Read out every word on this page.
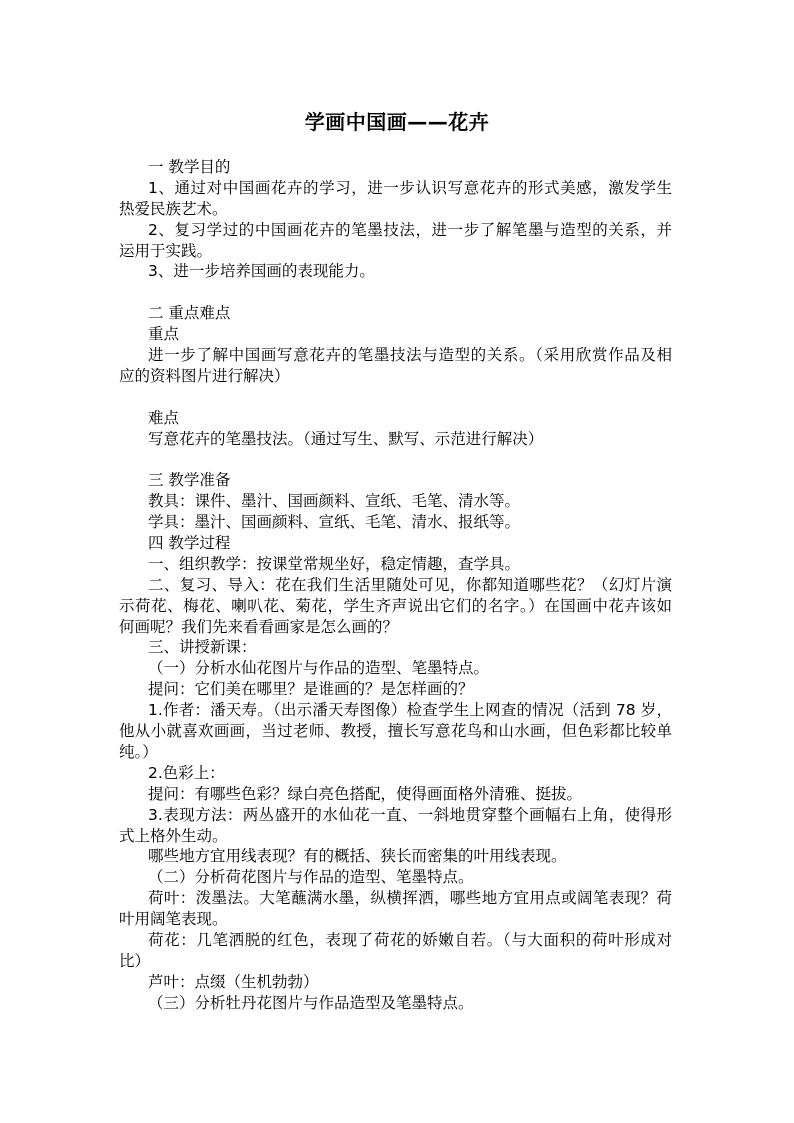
学画中国画——花卉
一 教学目的
1、通过对中国画花卉的学习，进一步认识写意花卉的形式美感，激发学生
热爱民族艺术。
2、复习学过的中国画花卉的笔墨技法，进一步了解笔墨与造型的关系，并
运用于实践。
3、进一步培养国画的表现能力。
二 重点难点
重点
进一步了解中国画写意花卉的笔墨技法与造型的关系。（采用欣赏作品及相
应的资料图片进行解决）
难点
写意花卉的笔墨技法。（通过写生、默写、示范进行解决）
三 教学准备
教具：课件、墨汁、国画颜料、宣纸、毛笔、清水等。
学具：墨汁、国画颜料、宣纸、毛笔、清水、报纸等。
四 教学过程
一、组织教学：按课堂常规坐好，稳定情趣，查学具。
二、复习、导入：花在我们生活里随处可见，你都知道哪些花？（幻灯片演
示荷花、梅花、喇叭花、菊花，学生齐声说出它们的名字。）在国画中花卉该如
何画呢？我们先来看看画家是怎么画的？
三、讲授新课：
（一）分析水仙花图片与作品的造型、笔墨特点。
提问：它们美在哪里？是谁画的？是怎样画的？
1.作者：潘天寿。（出示潘天寿图像）检查学生上网查的情况（活到 78 岁，
他从小就喜欢画画，当过老师、教授，擅长写意花鸟和山水画，但色彩都比较单
纯。）
2.色彩上：
提问：有哪些色彩？绿白亮色搭配，使得画面格外清雅、挺拔。
3.表现方法：两丛盛开的水仙花一直、一斜地贯穿整个画幅右上角，使得形
式上格外生动。
哪些地方宜用线表现？有的概括、狭长而密集的叶用线表现。
（二）分析荷花图片与作品的造型、笔墨特点。
荷叶：泼墨法。大笔蘸满水墨，纵横挥洒，哪些地方宜用点或阔笔表现？荷
叶用阔笔表现。
荷花：几笔洒脱的红色，表现了荷花的娇嫩自若。（与大面积的荷叶形成对
比）
芦叶：点缀（生机勃勃）
（三）分析牡丹花图片与作品造型及笔墨特点。
